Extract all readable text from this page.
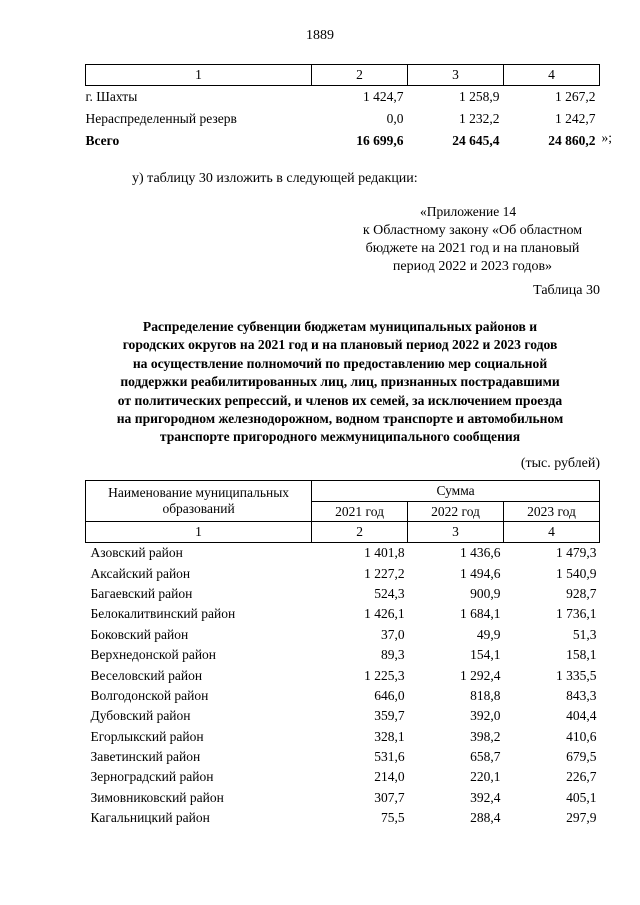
1889
1	2	3	4
г. Шахты	1 424,7	1 258,9	1 267,2
Нераспределенный резерв	0,0	1 232,2	1 242,7
Всего	16 699,6	24 645,4	24 860,2 »;
у) таблицу 30 изложить в следующей редакции:
«Приложение 14
к Областному закону «Об областном
бюджете на 2021 год и на плановый
период 2022 и 2023 годов»
Таблица 30
Распределение субвенции бюджетам муниципальных районов и
городских округов на 2021 год и на плановый период 2022 и 2023 годов
на осуществление полномочий по предоставлению мер социальной
поддержки реабилитированных лиц, лиц, признанных пострадавшими
от политических репрессий, и членов их семей, за исключением проезда
на пригородном железнодорожном, водном транспорте и автомобильном
транспорте пригородного межмуниципального сообщения
(тыс. рублей)
Наименование муниципальных
образований	Сумма		
	2021 год	2022 год	2023 год
1	2	3	4
Азовский район	1 401,8	1 436,6	1 479,3
Аксайский район	1 227,2	1 494,6	1 540,9
Багаевский район	524,3	900,9	928,7
Белокалитвинский район	1 426,1	1 684,1	1 736,1
Боковский район	37,0	49,9	51,3
Верхнедонской район	89,3	154,1	158,1
Веселовский район	1 225,3	1 292,4	1 335,5
Волгодонской район	646,0	818,8	843,3
Дубовский район	359,7	392,0	404,4
Егорлыкский район	328,1	398,2	410,6
Заветинский район	531,6	658,7	679,5
Зерноградский район	214,0	220,1	226,7
Зимовниковский район	307,7	392,4	405,1
Кагальницкий район	75,5	288,4	297,9
